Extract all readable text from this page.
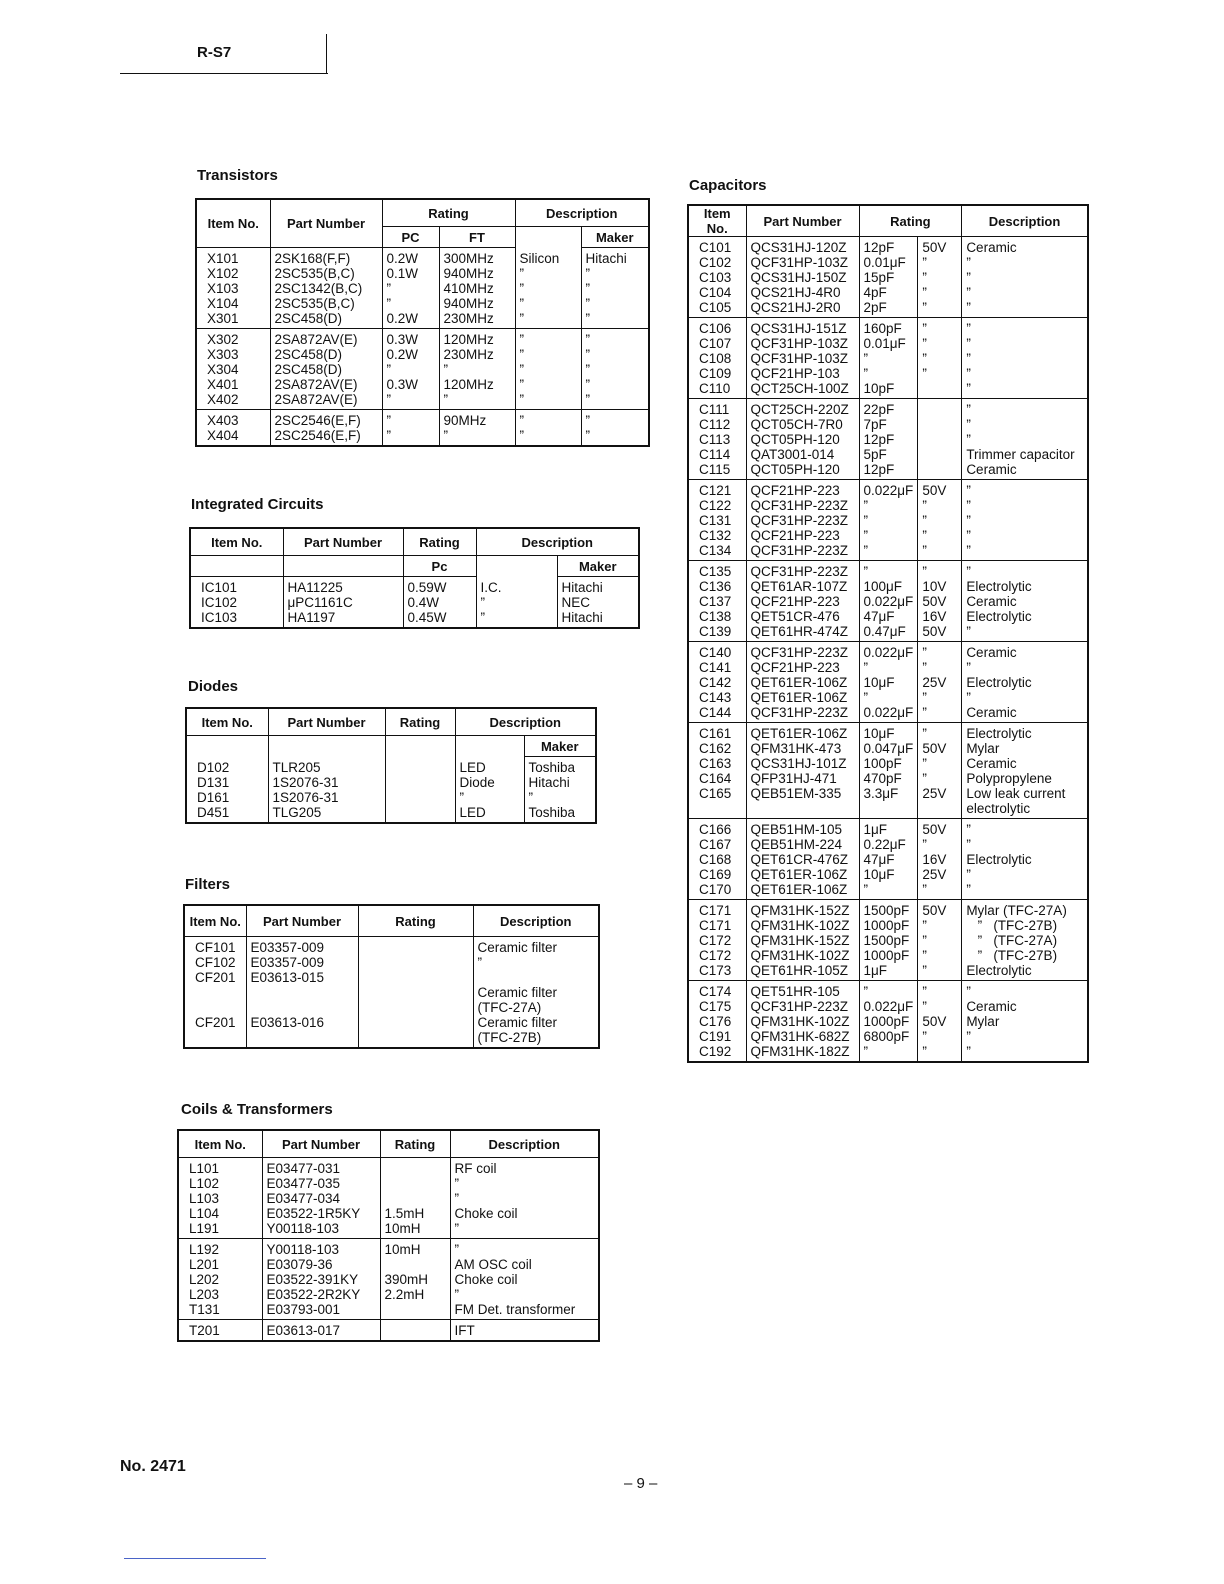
R-S7
Transistors
Item No.	Part Number	Rating		Description	
		PC	FT		Maker
X101	2SK168(F,F)	0.2W	300MHz	Silicon	Hitachi
X102	2SC535(B,C)	0.1W	940MHz	”	”
X103	2SC1342(B,C)	”	410MHz	”	”
X104	2SC535(B,C)	”	940MHz	”	”
X301	2SC458(D)	0.2W	230MHz	”	”
X302	2SA872AV(E)	0.3W	120MHz	”	”
X303	2SC458(D)	0.2W	230MHz	”	”
X304	2SC458(D)	”	”	”	”
X401	2SA872AV(E)	0.3W	120MHz	”	”
X402	2SA872AV(E)	”	”	”	”
X403	2SC2546(E,F)	”	90MHz	”	”
X404	2SC2546(E,F)	”	”	”	”
Integrated Circuits
Item No.	Part Number	Rating	Description	
		Pc		Maker
IC101	HA11225	0.59W	I.C.	Hitachi
IC102	μPC1161C	0.4W	”	NEC
IC103	HA1197	0.45W	”	Hitachi
Diodes
Item No.	Part Number	Rating	Description	
				Maker
D102	TLR205		LED	Toshiba
D131	1S2076-31		Diode	Hitachi
D161	1S2076-31		”	”
D451	TLG205		LED	Toshiba
Filters
Item No.	Part Number	Rating	Description
CF101	E03357-009		Ceramic filter
CF102	E03357-009		”
CF201	E03613-015		
			Ceramic filter
			(TFC-27A)
CF201	E03613-016		Ceramic filter
			(TFC-27B)

Coils & Transformers
Item No.	Part Number	Rating	Description
L101	E03477-031		RF coil
L102	E03477-035		”
L103	E03477-034		”
L104	E03522-1R5KY	1.5mH	Choke coil
L191	Y00118-103	10mH	”
L192	Y00118-103	10mH	”
L201	E03079-36		AM OSC coil
L202	E03522-391KY	390mH	Choke coil
L203	E03522-2R2KY	2.2mH	”
T131	E03793-001		FM Det. transformer
T201	E03613-017		IFT
Capacitors
Item No.	Part Number	Rating		Description
C101	QCS31HJ-120Z	12pF	50V	Ceramic
C102	QCF31HP-103Z	0.01μF	”	”
C103	QCS31HJ-150Z	15pF	”	”
C104	QCS21HJ-4R0	4pF	”	”
C105	QCS21HJ-2R0	2pF	”	”
C106	QCS31HJ-151Z	160pF	”	”
C107	QCF31HP-103Z	0.01μF	”	”
C108	QCF31HP-103Z	”	”	”
C109	QCF21HP-103	”	”	”
C110	QCT25CH-100Z	10pF		”
C111	QCT25CH-220Z	22pF		”
C112	QCT05CH-7R0	7pF		”
C113	QCT05PH-120	12pF		”
C114	QAT3001-014	5pF		Trimmer capacitor
C115	QCT05PH-120	12pF		Ceramic
C121	QCF21HP-223	0.022μF	50V	”
C122	QCF31HP-223Z	”	”	”
C131	QCF31HP-223Z	”	”	”
C132	QCF21HP-223	”	”	”
C134	QCF31HP-223Z	”	”	”
C135	QCF31HP-223Z	”	”	”
C136	QET61AR-107Z	100μF	10V	Electrolytic
C137	QCF21HP-223	0.022μF	50V	Ceramic
C138	QET51CR-476	47μF	16V	Electrolytic
C139	QET61HR-474Z	0.47μF	50V	”
C140	QCF31HP-223Z	0.022μF	”	Ceramic
C141	QCF21HP-223	”	”	”
C142	QET61ER-106Z	10μF	25V	Electrolytic
C143	QET61ER-106Z	”	”	”
C144	QCF31HP-223Z	0.022μF	”	Ceramic
C161	QET61ER-106Z	10μF	”	Electrolytic
C162	QFM31HK-473	0.047μF	50V	Mylar
C163	QCS31HJ-101Z	100pF	”	Ceramic
C164	QFP31HJ-471	470pF	”	Polypropylene
C165	QEB51EM-335	3.3μF	25V	Low leak current
				electrolytic
C166	QEB51HM-105	1μF	50V	”
C167	QEB51HM-224	0.22μF	”	”
C168	QET61CR-476Z	47μF	16V	Electrolytic
C169	QET61ER-106Z	10μF	25V	”
C170	QET61ER-106Z	”	”	”
C171	QFM31HK-152Z	1500pF	50V	Mylar (TFC-27A)
C171	QFM31HK-102Z	1000pF	”	”   (TFC-27B)
C172	QFM31HK-152Z	1500pF	”	”   (TFC-27A)
C172	QFM31HK-102Z	1000pF	”	”   (TFC-27B)
C173	QET61HR-105Z	1μF	”	Electrolytic
C174	QET51HR-105	”	”	”
C175	QCF31HP-223Z	0.022μF	”	Ceramic
C176	QFM31HK-102Z	1000pF	50V	Mylar
C191	QFM31HK-682Z	6800pF	”	”
C192	QFM31HK-182Z	”	”	”
No. 2471
– 9 –
